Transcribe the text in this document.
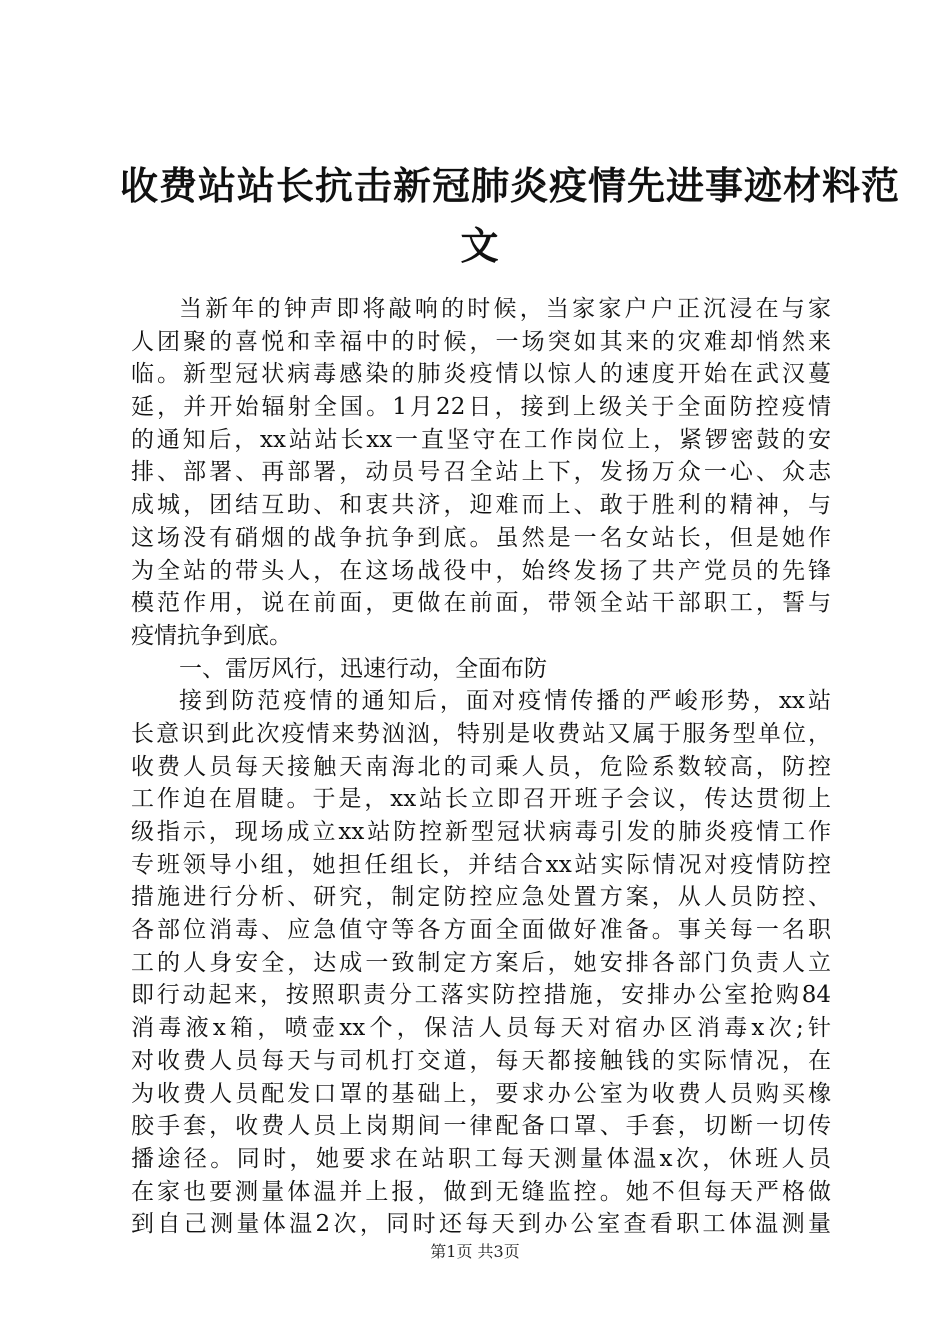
收费站站长抗击新冠肺炎疫情先进事迹材料范
文
当新年的钟声即将敲响的时候，当家家户户正沉浸在与家
人团聚的喜悦和幸福中的时候，一场突如其来的灾难却悄然来
临。新型冠状病毒感染的肺炎疫情以惊人的速度开始在武汉蔓
延，并开始辐射全国。1月22日，接到上级关于全面防控疫情
的通知后，xx站站长xx一直坚守在工作岗位上，紧锣密鼓的安
排、部署、再部署，动员号召全站上下，发扬万众一心、众志
成城，团结互助、和衷共济，迎难而上、敢于胜利的精神，与
这场没有硝烟的战争抗争到底。虽然是一名女站长，但是她作
为全站的带头人，在这场战役中，始终发扬了共产党员的先锋
模范作用，说在前面，更做在前面，带领全站干部职工，誓与
疫情抗争到底。
一、雷厉风行，迅速行动，全面布防
接到防范疫情的通知后，面对疫情传播的严峻形势，xx站
长意识到此次疫情来势汹汹，特别是收费站又属于服务型单位，
收费人员每天接触天南海北的司乘人员，危险系数较高，防控
工作迫在眉睫。于是，xx站长立即召开班子会议，传达贯彻上
级指示，现场成立xx站防控新型冠状病毒引发的肺炎疫情工作
专班领导小组，她担任组长，并结合xx站实际情况对疫情防控
措施进行分析、研究，制定防控应急处置方案，从人员防控、
各部位消毒、应急值守等各方面全面做好准备。事关每一名职
工的人身安全，达成一致制定方案后，她安排各部门负责人立
即行动起来，按照职责分工落实防控措施，安排办公室抢购84
消毒液x箱，喷壶xx个，保洁人员每天对宿办区消毒x次;针
对收费人员每天与司机打交道，每天都接触钱的实际情况，在
为收费人员配发口罩的基础上，要求办公室为收费人员购买橡
胶手套，收费人员上岗期间一律配备口罩、手套，切断一切传
播途径。同时，她要求在站职工每天测量体温x次，休班人员
在家也要测量体温并上报，做到无缝监控。她不但每天严格做
到自己测量体温2次，同时还每天到办公室查看职工体温测量
第1页 共3页
